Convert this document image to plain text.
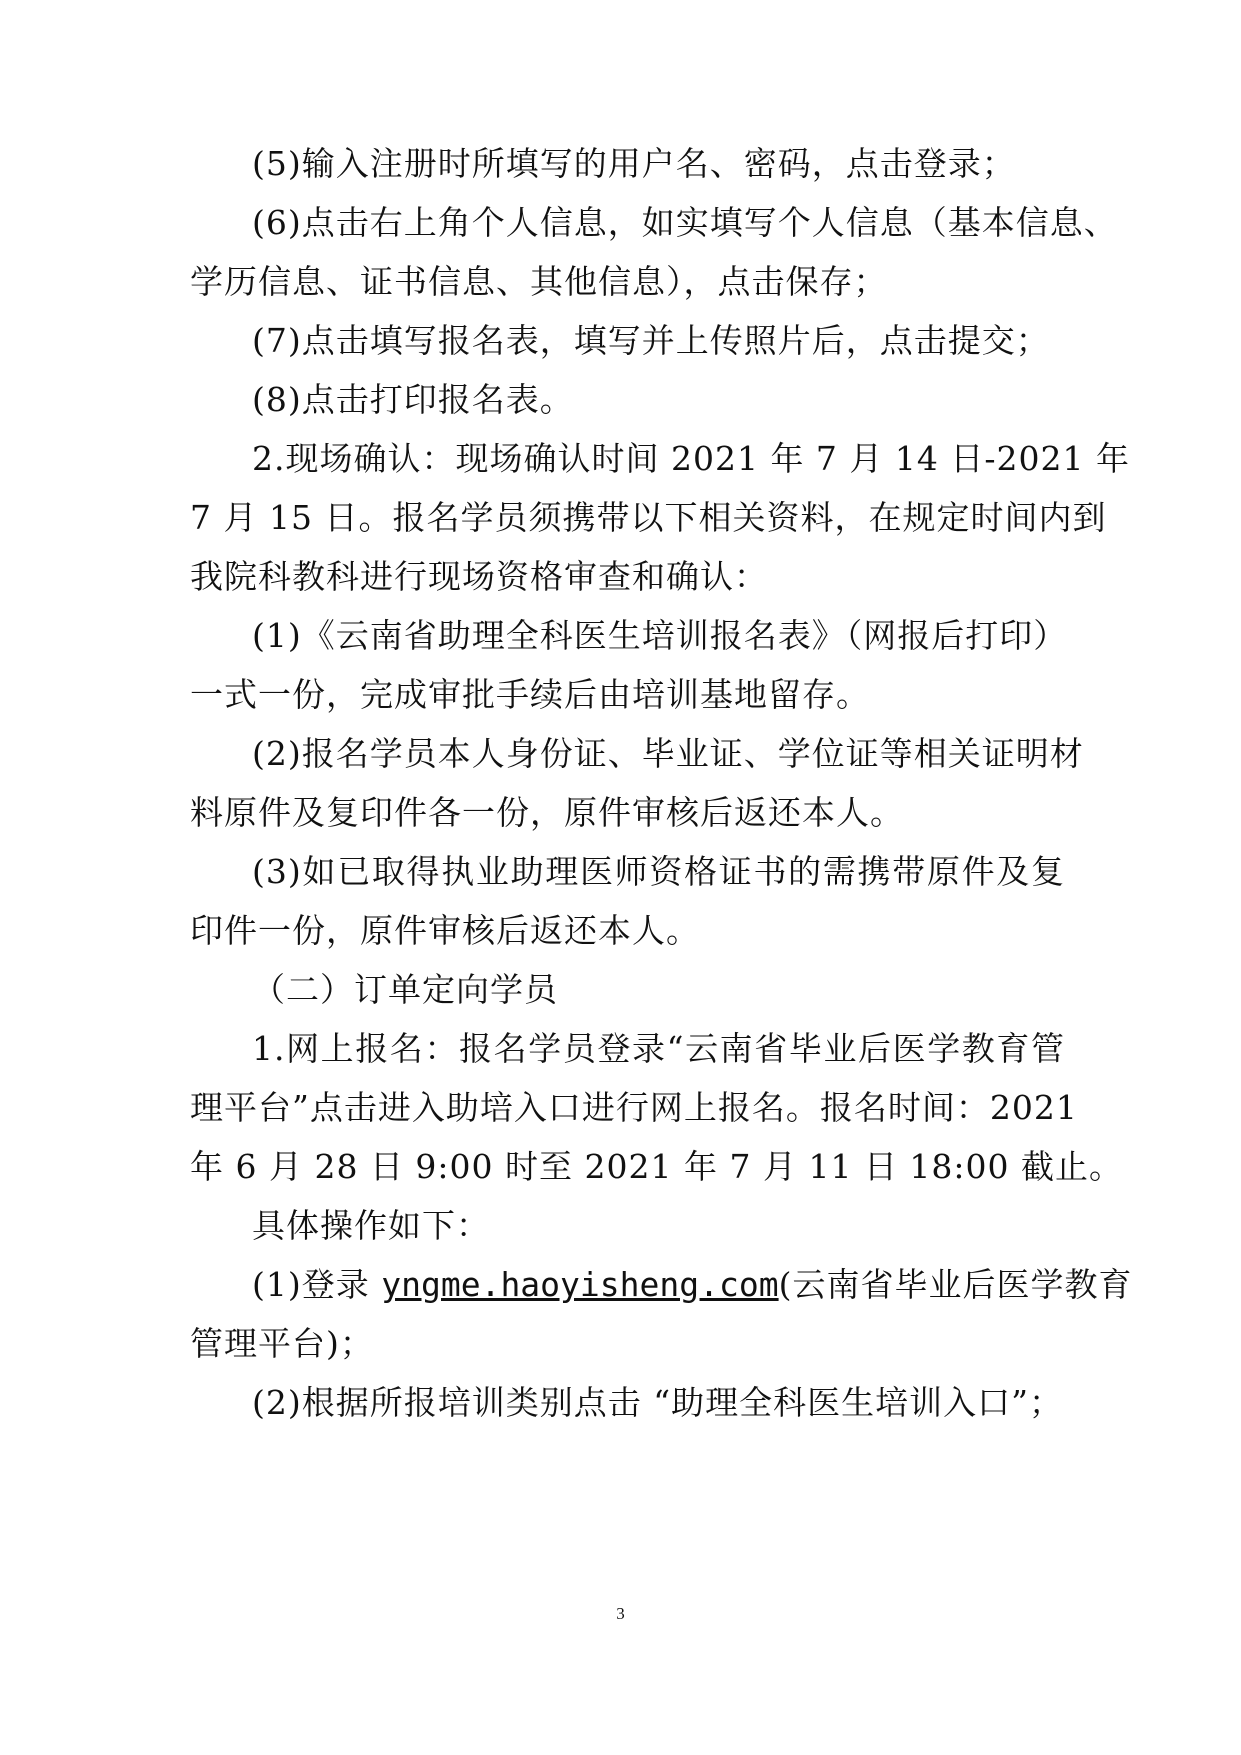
(5)输入注册时所填写的用户名、密码，点击登录；
(6)点击右上角个人信息，如实填写个人信息（基本信息、
学历信息、证书信息、其他信息），点击保存；
(7)点击填写报名表，填写并上传照片后，点击提交；
(8)点击打印报名表。
2.现场确认：现场确认时间 2021 年 7 月 14 日-2021 年
7 月 15 日。报名学员须携带以下相关资料，在规定时间内到
我院科教科进行现场资格审查和确认：
(1)《云南省助理全科医生培训报名表》（网报后打印）
一式一份，完成审批手续后由培训基地留存。
(2)报名学员本人身份证、毕业证、学位证等相关证明材
料原件及复印件各一份，原件审核后返还本人。
(3)如已取得执业助理医师资格证书的需携带原件及复
印件一份，原件审核后返还本人。
（二）订单定向学员
1.网上报名：报名学员登录“云南省毕业后医学教育管
理平台”点击进入助培入口进行网上报名。报名时间：2021
年 6 月 28 日 9:00 时至 2021 年 7 月 11 日 18:00 截止。
具体操作如下：
(1)登录 yngme.haoyisheng.com(云南省毕业后医学教育
管理平台)；
(2)根据所报培训类别点击 “助理全科医生培训入口”；
3
